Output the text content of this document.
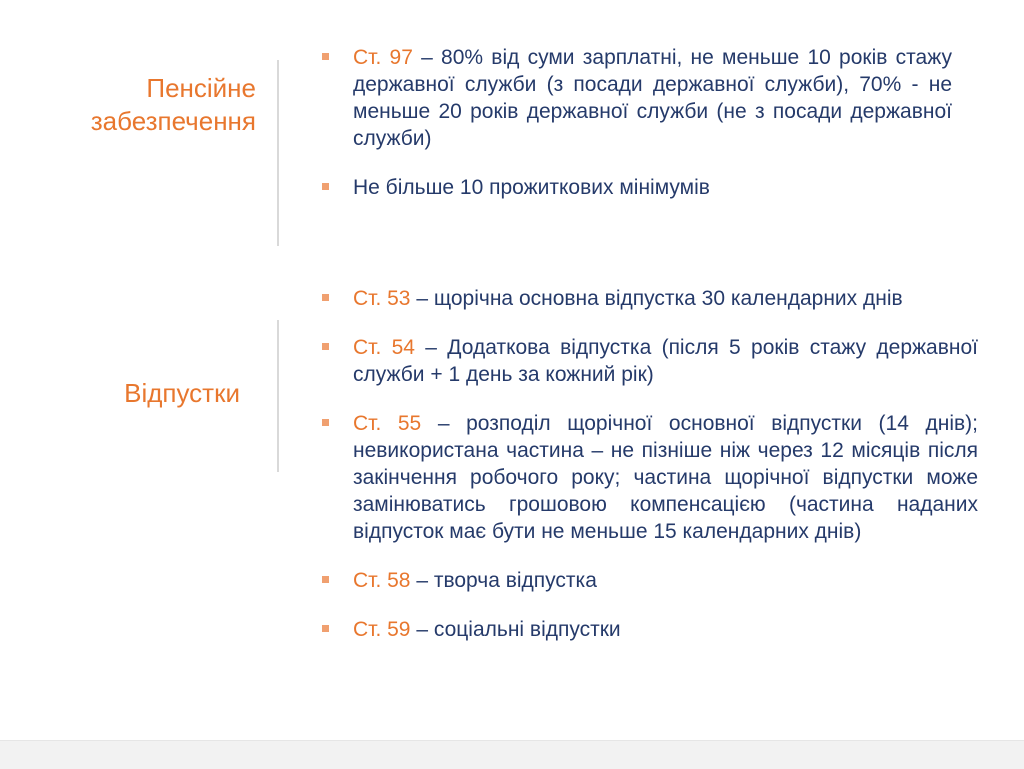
Пенсійне
забезпечення
Ст. 97 – 80% від суми зарплатні, не меньше 10 років стажу державної служби (з посади державної служби), 70% - не меньше 20 років державної служби (не з посади державної служби)
Не більше 10 прожиткових мінімумів
Відпустки
Ст. 53 – щорічна основна відпустка 30 календарних днів
Ст. 54 – Додаткова відпустка (після 5 років стажу державної служби + 1 день за кожний рік)
Ст. 55 – розподіл щорічної основної відпустки (14 днів); невикористана частина – не пізніше ніж через 12 місяців після закінчення робочого року; частина щорічної відпустки може замінюватись грошовою компенсацією (частина наданих відпусток має бути не меньше 15 календарних днів)
Ст. 58 – творча відпустка
Ст. 59 – соціальні відпустки
